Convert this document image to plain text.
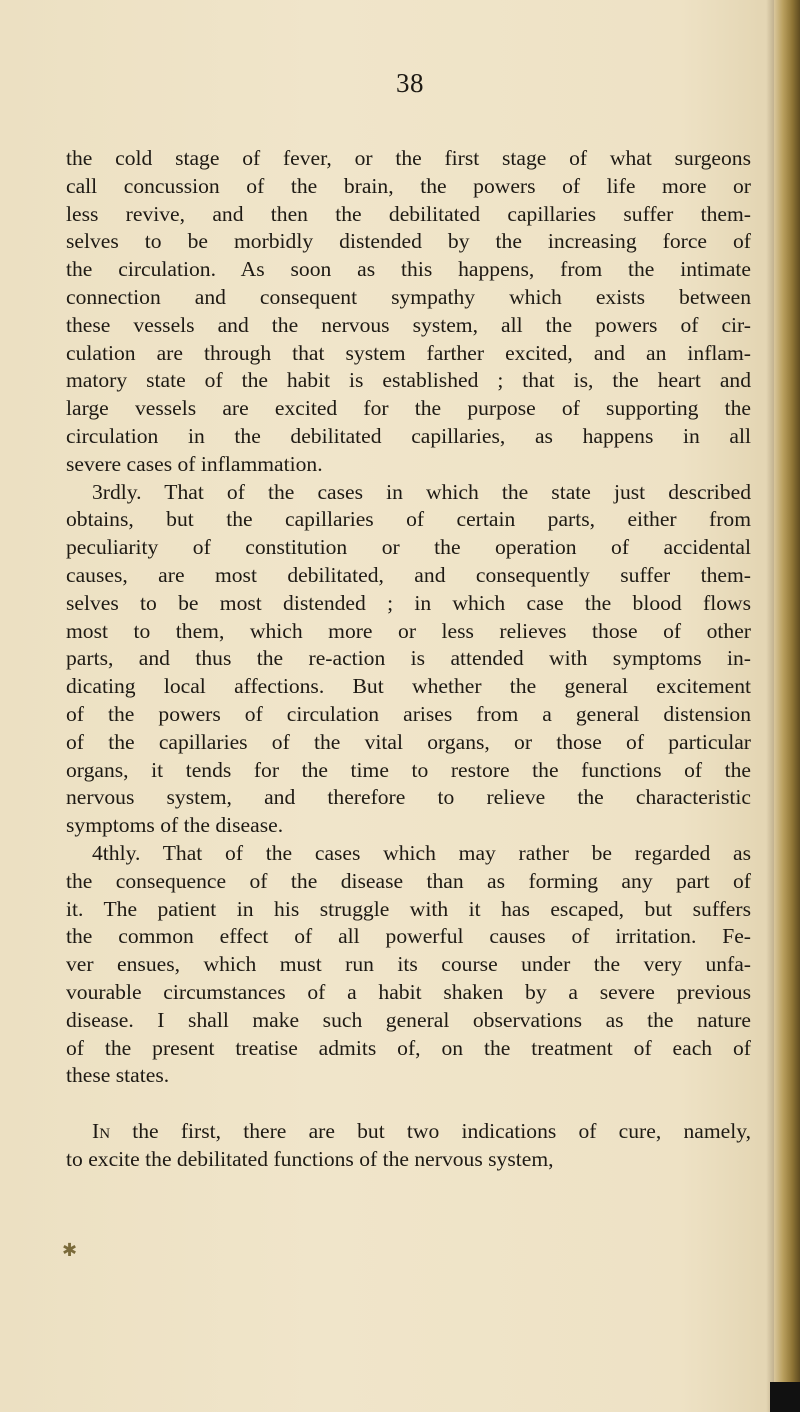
38
✱
the cold stage of fever, or the first stage of what surgeons
call concussion of the brain, the powers of life more or
less revive, and then the debilitated capillaries suffer them-
selves to be morbidly distended by the increasing force of
the circulation. As soon as this happens, from the intimate
connection and consequent sympathy which exists between
these vessels and the nervous system, all the powers of cir-
culation are through that system farther excited, and an inflam-
matory state of the habit is established ; that is, the heart and
large vessels are excited for the purpose of supporting the
circulation in the debilitated capillaries, as happens in all
severe cases of inflammation.
3rdly. That of the cases in which the state just described
obtains, but the capillaries of certain parts, either from
peculiarity of constitution or the operation of accidental
causes, are most debilitated, and consequently suffer them-
selves to be most distended ; in which case the blood flows
most to them, which more or less relieves those of other
parts, and thus the re-action is attended with symptoms in-
dicating local affections. But whether the general excitement
of the powers of circulation arises from a general distension
of the capillaries of the vital organs, or those of particular
organs, it tends for the time to restore the functions of the
nervous system, and therefore to relieve the characteristic
symptoms of the disease.
4thly. That of the cases which may rather be regarded as
the consequence of the disease than as forming any part of
it. The patient in his struggle with it has escaped, but suffers
the common effect of all powerful causes of irritation. Fe-
ver ensues, which must run its course under the very unfa-
vourable circumstances of a habit shaken by a severe previous
disease. I shall make such general observations as the nature
of the present treatise admits of, on the treatment of each of
these states.
In the first, there are but two indications of cure, namely,
to excite the debilitated functions of the nervous system,
